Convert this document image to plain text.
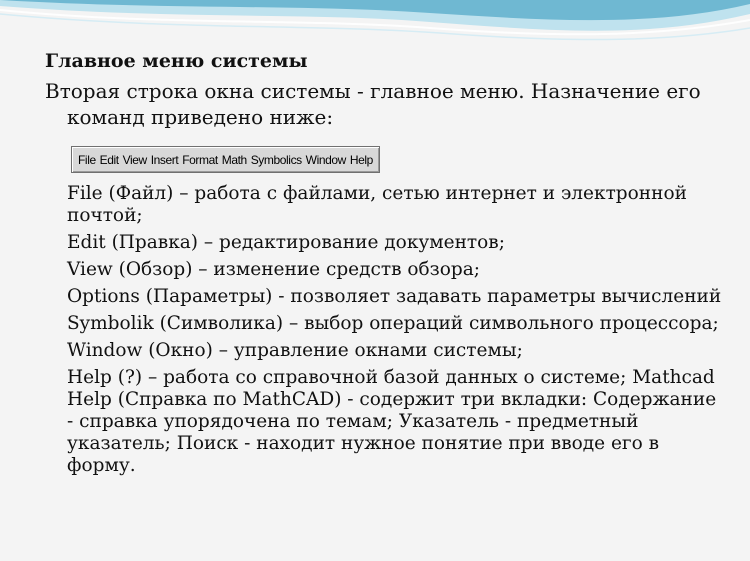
Главное меню системы
Вторая строка окна системы - главное меню. Назначение его
команд приведено ниже:
File Edit View Insert Format Math Symbolics Window Help
File (Файл) – работа с файлами, сетью интернет и электронной почтой;
Edit (Правка) – редактирование документов;
View (Обзор) – изменение средств обзора;
Options (Параметры) - позволяет задавать параметры вычислений
Symbolik (Символика) – выбор операций символьного процессора;
Window (Окно) – управление окнами системы;
Help (?) – работа со справочной базой данных о системе; Mathcad Help (Справка по MathCAD) - содержит три вкладки: Содержание - справка упорядочена по темам; Указатель - предметный указатель; Поиск - находит нужное понятие при вводе его в форму.
